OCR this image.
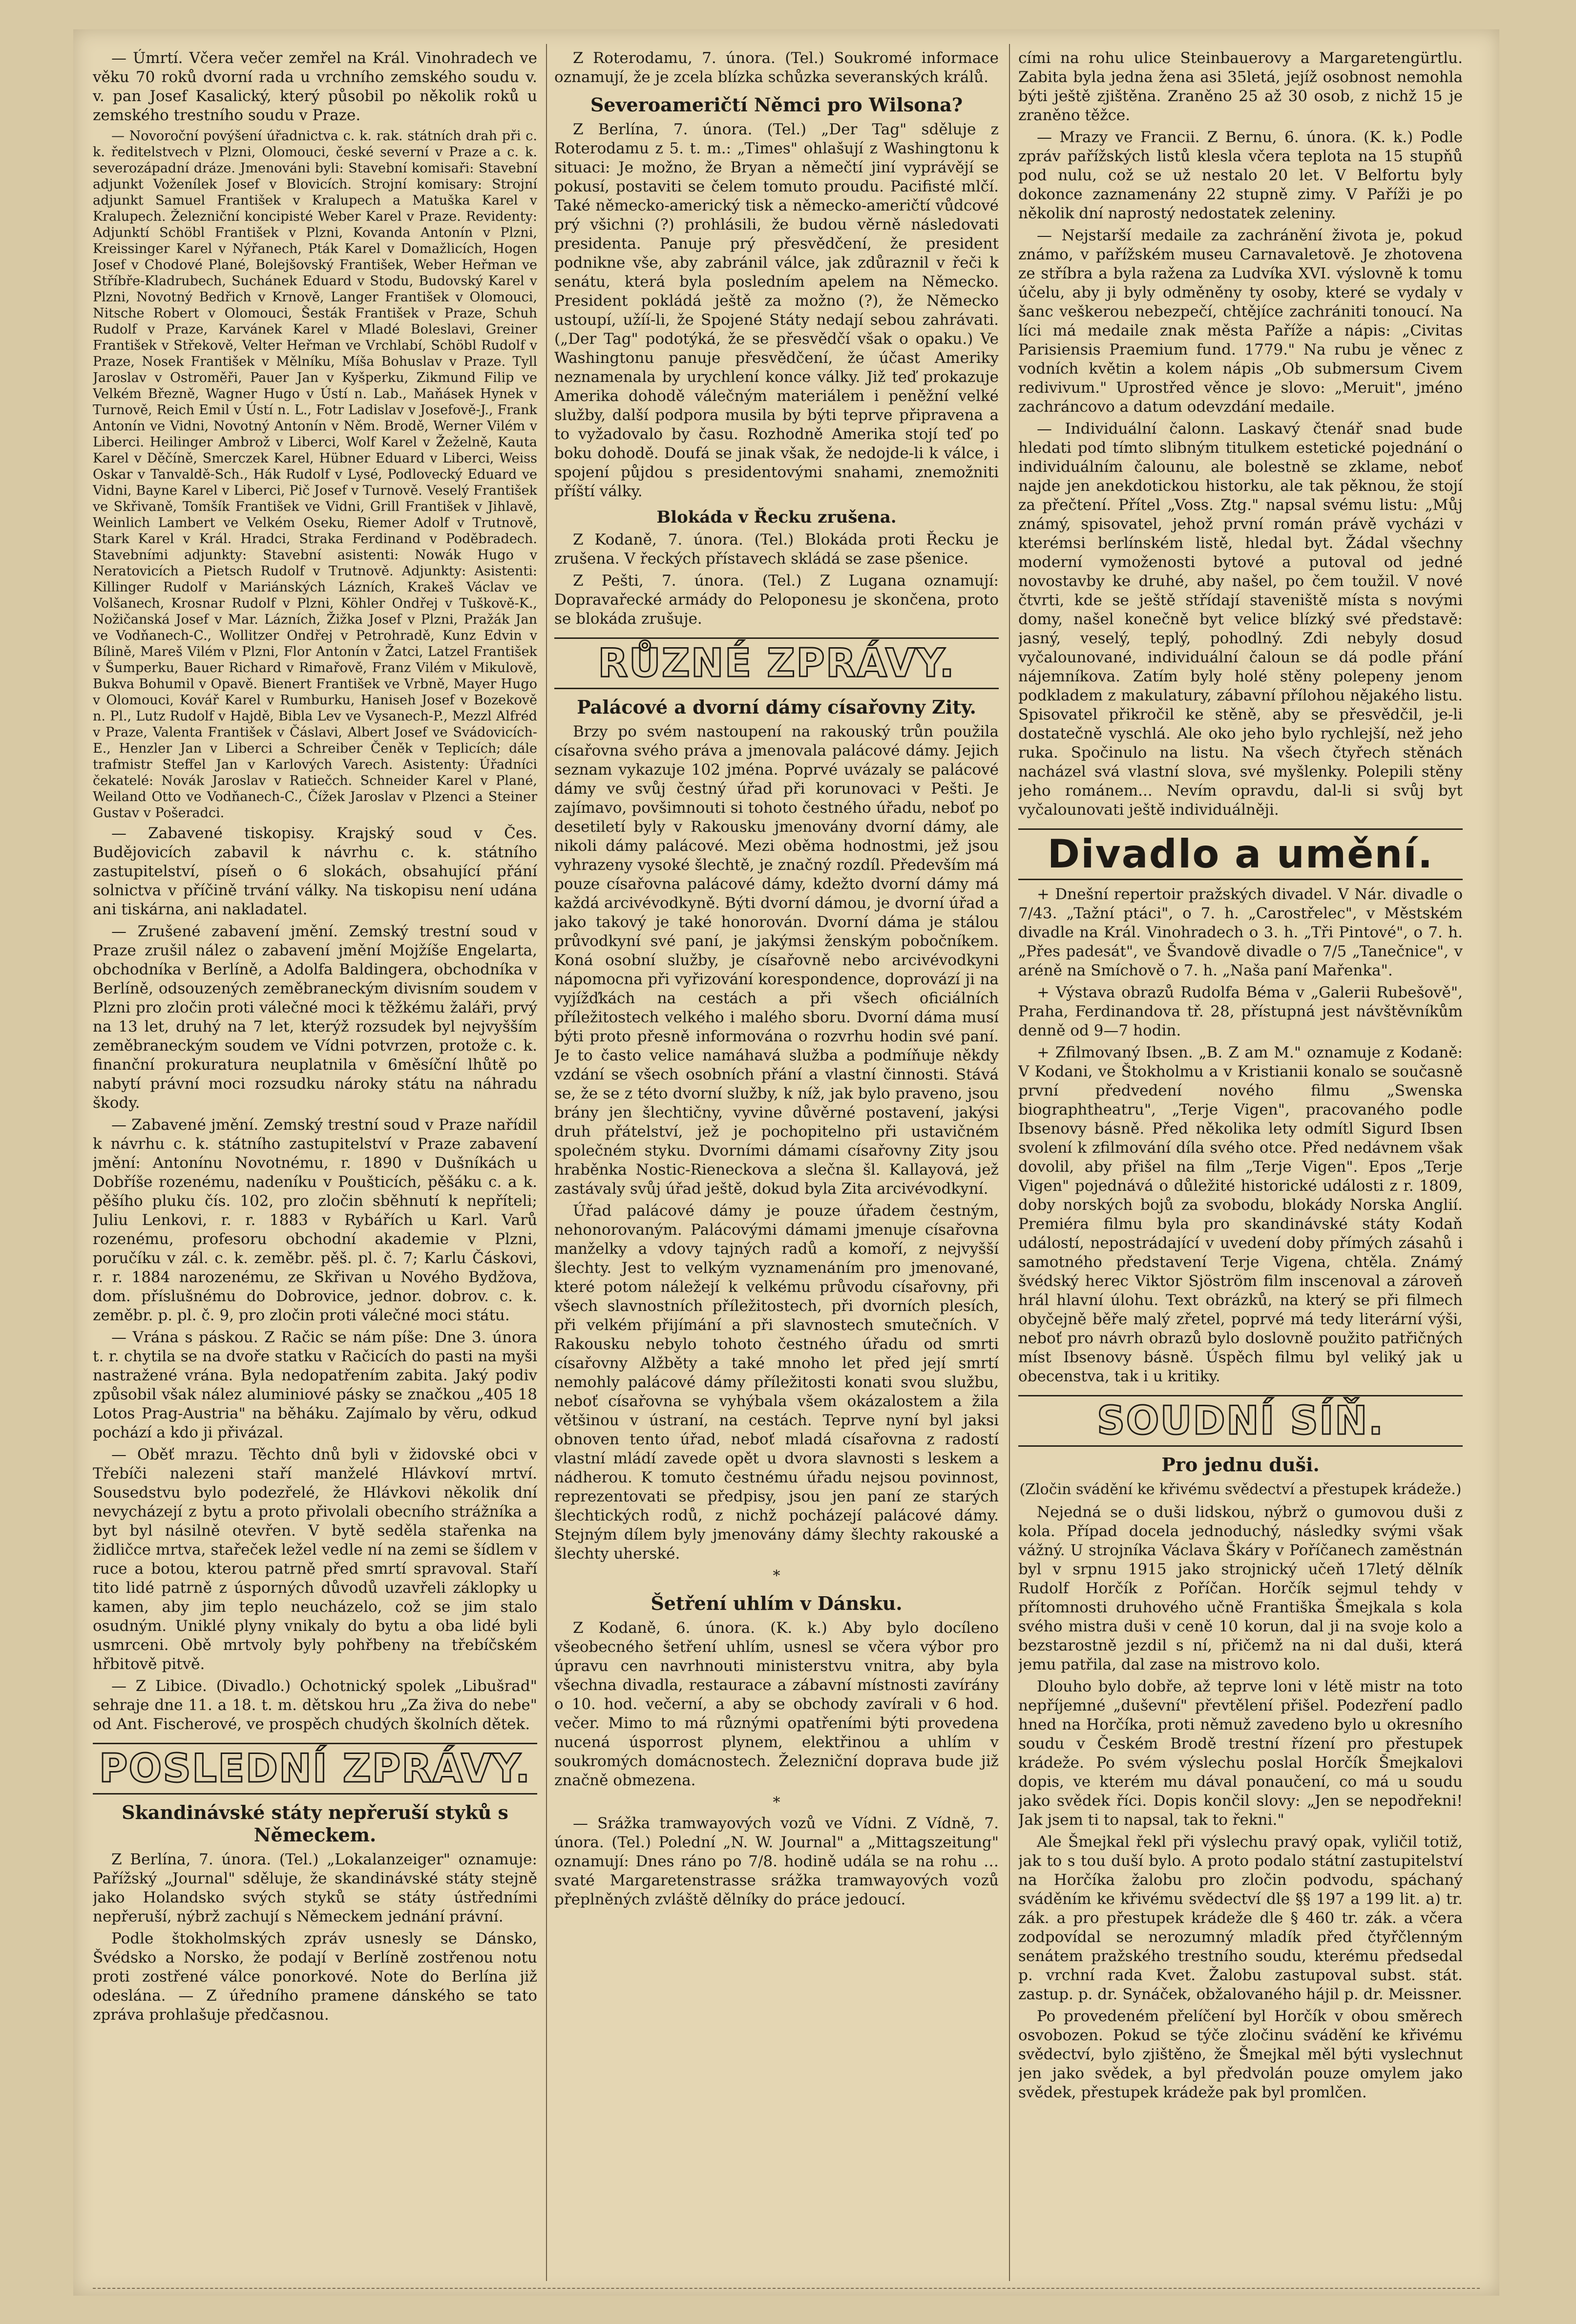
— Úmrtí. Včera večer zemřel na Král. Vinohradech ve věku 70 roků dvorní rada u vrchního zemského soudu v. v. pan Josef Kasalický, který působil po několik roků u zemského trestního soudu v Praze.

— Novoroční povýšení úřadnictva c. k. rak. státních drah při c. k. ředitelstvech v Plzni, Olomouci, české severní v Praze a c. k. severozápadní dráze. Jmenováni byli: Stavební komisaři: Stavební adjunkt Voženílek Josef v Blovicích. Strojní komisary: Strojní adjunkt Samuel František v Kralupech a Matuška Karel v Kralupech. Železniční koncipisté Weber Karel v Praze. Revidenty: Adjunktí Schöbl František v Plzni, Kovanda Antonín v Plzni, Kreissinger Karel v Nýřanech, Pták Karel v Domažlicích, Hogen Josef v Chodové Plané, Bolejšovský František, Weber Heřman ve Stříbře-Kladrubech, Suchánek Eduard v Stodu, Budovský Karel v Plzni, Novotný Bedřich v Krnově, Langer František v Olomouci, Nitsche Robert v Olomouci, Šesták František v Praze, Schuh Rudolf v Praze, Karvánek Karel v Mladé Boleslavi, Greiner František v Střekově, Velter Heřman ve Vrchlabí, Schöbl Rudolf v Praze, Nosek František v Mělníku, Míša Bohuslav v Praze. Tyll Jaroslav v Ostroměři, Pauer Jan v Kyšperku, Zikmund Filip ve Velkém Březně, Wagner Hugo v Ústí n. Lab., Maňásek Hynek v Turnově, Reich Emil v Ústí n. L., Fotr Ladislav v Josefově-J., Frank Antonín ve Vidni, Novotný Antonín v Něm. Brodě, Werner Vilém v Liberci. Heilinger Ambrož v Liberci, Wolf Karel v Žeželně, Kauta Karel v Děčíně, Smerczek Karel, Hübner Eduard v Liberci, Weiss Oskar v Tanvaldě-Sch., Hák Rudolf v Lysé, Podlovecký Eduard ve Vidni, Bayne Karel v Liberci, Pič Josef v Turnově. Veselý František ve Skřivaně, Tomšík František ve Vidni, Grill František v Jihlavě, Weinlich Lambert ve Velkém Oseku, Riemer Adolf v Trutnově, Stark Karel v Král. Hradci, Straka Ferdinand v Poděbradech. Stavebními adjunkty: Stavební asistenti: Nowák Hugo v Neratovicích a Pietsch Rudolf v Trutnově. Adjunkty: Asistenti: Killinger Rudolf v Mariánských Lázních, Krakeš Václav ve Volšanech, Krosnar Rudolf v Plzni, Köhler Ondřej v Tuškově-K., Nožičanská Josef v Mar. Lázních, Žižka Josef v Plzni, Pražák Jan ve Vodňanech-C., Wollitzer Ondřej v Petrohradě, Kunz Edvin v Bílině, Mareš Vilém v Plzni, Flor Antonín v Žatci, Latzel František v Šumperku, Bauer Richard v Rimařově, Franz Vilém v Mikulově, Bukva Bohumil v Opavě. Bienert František ve Vrbně, Mayer Hugo v Olomouci, Kovář Karel v Rumburku, Haniseh Josef v Bozekově n. Pl., Lutz Rudolf v Hajdě, Bibla Lev ve Vysanech-P., Mezzl Alfréd v Praze, Valenta František v Čáslavi, Albert Josef ve Svádovicích-E., Henzler Jan v Liberci a Schreiber Čeněk v Teplicích; dále trafmistr Steffel Jan v Karlových Varech. Asistenty: Úřadníci čekatelé: Novák Jaroslav v Ratiečch. Schneider Karel v Plané, Weiland Otto ve Vodňanech-C., Čížek Jaroslav v Plzenci a Steiner Gustav v Pošeradci.

— Zabavené tiskopisy. Krajský soud v Čes. Budějovicích zabavil k návrhu c. k. státního zastupitelství, píseň o 6 slokách, obsahující přání solnictva v příčině trvání války. Na tiskopisu není udána ani tiskárna, ani nakladatel.

— Zrušené zabavení jmění. Zemský trestní soud v Praze zrušil nález o zabavení jmění Mojžíše Engelarta, obchodníka v Berlíně, a Adolfa Baldingera, obchodníka v Berlíně, odsouzených zeměbraneckým divisním soudem v Plzni pro zločin proti válečné moci k těžkému žaláři, prvý na 13 let, druhý na 7 let, kterýž rozsudek byl nejvyšším zeměbraneckým soudem ve Vídni potvrzen, protože c. k. finanční prokuratura neuplatnila v 6měsíční lhůtě po nabytí právní moci rozsudku nároky státu na náhradu škody.

— Zabavené jmění. Zemský trestní soud v Praze nařídil k návrhu c. k. státního zastupitelství v Praze zabavení jmění: Antonínu Novotnému, r. 1890 v Dušníkách u Dobříše rozenému, nadeníku v Poušticích, pěšáku c. a k. pěšího pluku čís. 102, pro zločin sběhnutí k nepříteli; Juliu Lenkovi, r. r. 1883 v Rybářích u Karl. Varů rozenému, profesoru obchodní akademie v Plzni, poručíku v zál. c. k. zeměbr. pěš. pl. č. 7; Karlu Čáskovi, r. r. 1884 narozenému, ze Skřivan u Nového Bydžova, dom. příslušnému do Dobrovice, jednor. dobrov. c. k. zeměbr. p. pl. č. 9, pro zločin proti válečné moci státu.

— Vrána s páskou. Z Račic se nám píše: Dne 3. února t. r. chytila se na dvoře statku v Račicích do pasti na myši nastražené vrána. Byla nedopatřením zabita. Jaký podiv způsobil však nález aluminiové pásky se značkou „405 18 Lotos Prag-Austria" na běháku. Zajímalo by věru, odkud pochází a kdo ji přivázal.

— Oběť mrazu. Těchto dnů byli v židovské obci v Třebíči nalezeni staří manželé Hlávkoví mrtví. Sousedstvu bylo podezřelé, že Hlávkovi několik dní nevycházejí z bytu a proto přivolali obecního strážníka a byt byl násilně otevřen. V bytě seděla stařenka na židličce mrtva, stařeček ležel vedle ní na zemi se šídlem v ruce a botou, kterou patrně před smrtí spravoval. Staří tito lidé patrně z úsporných důvodů uzavřeli záklopky u kamen, aby jim teplo neucházelo, což se jim stalo osudným. Uniklé plyny vnikaly do bytu a oba lidé byli usmrceni. Obě mrtvoly byly pohřbeny na třebíčském hřbitově pitvě.

— Z Libice. (Divadlo.) Ochotnický spolek „Libušrad" sehraje dne 11. a 18. t. m. dětskou hru „Za živa do nebe" od Ant. Fischerové, ve prospěch chudých školních dětek.

POSLEDNÍ ZPRÁVY.
Skandinávské státy nepřeruší styků s Německem.

Z Berlína, 7. února. (Tel.) „Lokalanzeiger" oznamuje: Pařížský „Journal" sděluje, že skandinávské státy stejně jako Holandsko svých styků se státy ústředními nepřeruší, nýbrž zachují s Německem jednání právní.

Podle štokholmských zpráv usnesly se Dánsko, Švédsko a Norsko, že podají v Berlíně zostřenou notu proti zostřené válce ponorkové. Note do Berlína již odeslána. — Z úředního pramene dánského se tato zpráva prohlašuje předčasnou.

Z Roterodamu, 7. února. (Tel.) Soukromé informace oznamují, že je zcela blízka schůzka severanských králů.

Severoameričtí Němci pro Wilsona?

Z Berlína, 7. února. (Tel.) „Der Tag" sděluje z Roterodamu z 5. t. m.: „Times" ohlašují z Washingtonu k situaci: Je možno, že Bryan a němečtí jiní vyprávějí se pokusí, postaviti se čelem tomuto proudu. Pacifisté mlčí. Také německo-americký tisk a německo-američtí vůdcové prý všichni (?) prohlásili, že budou věrně následovati presidenta. Panuje prý přesvědčení, že president podnikne vše, aby zabránil válce, jak zdůraznil v řeči k senátu, která byla posledním apelem na Německo. President pokládá ještě za možno (?), že Německo ustoupí, užíí-li, že Spojené Státy nedají sebou zahrávati. („Der Tag" podotýká, že se přesvědčí však o opaku.) Ve Washingtonu panuje přesvědčení, že účast Ameriky neznamenala by urychlení konce války. Již teď prokazuje Amerika dohodě válečným materiálem i peněžní velké služby, další podpora musila by býti teprve připravena a to vyžadovalo by času. Rozhodně Amerika stojí teď po boku dohodě. Doufá se jinak však, že nedojde-li k válce, i spojení půjdou s presidentovými snahami, znemožniti příští války.

Blokáda v Řecku zrušena.

Z Kodaně, 7. února. (Tel.) Blokáda proti Řecku je zrušena. V řeckých přístavech skládá se zase pšenice.

Z Pešti, 7. února. (Tel.) Z Lugana oznamují: Dopravařecké armády do Peloponesu je skončena, proto se blokáda zrušuje.

RŮZNÉ ZPRÁVY.
Palácové a dvorní dámy císařovny Zity.

Brzy po svém nastoupení na rakouský trůn použila císařovna svého práva a jmenovala palácové dámy. Jejich seznam vykazuje 102 jména. Poprvé uvázaly se palácové dámy ve svůj čestný úřad při korunovaci v Pešti. Je zajímavo, povšimnouti si tohoto čestného úřadu, neboť po desetiletí byly v Rakousku jmenovány dvorní dámy, ale nikoli dámy palácové. Mezi oběma hodnostmi, jež jsou vyhrazeny vysoké šlechtě, je značný rozdíl. Především má pouze císařovna palácové dámy, kdežto dvorní dámy má každá arcivévodkyně. Býti dvorní dámou, je dvorní úřad a jako takový je také honorován. Dvorní dáma je stálou průvodkyní své paní, je jakýmsi ženským pobočníkem. Koná osobní služby, je císařovně nebo arcivévodkyni nápomocna při vyřizování korespondence, doprovází ji na vyjížďkách na cestách a při všech oficiálních příležitostech velkého i malého sboru. Dvorní dáma musí býti proto přesně informována o rozvrhu hodin své paní. Je to často velice namáhavá služba a podmíňuje někdy vzdání se všech osobních přání a vlastní činnosti. Stává se, že se z této dvorní služby, k níž, jak bylo praveno, jsou brány jen šlechtičny, vyvine důvěrné postavení, jakýsi druh přátelství, jež je pochopitelno při ustavičném společném styku. Dvorními dámami císařovny Zity jsou hraběnka Nostic-Rieneckova a slečna šl. Kallayová, jež zastávaly svůj úřad ještě, dokud byla Zita arcivévodkyní.

Úřad palácové dámy je pouze úřadem čestným, nehonorovaným. Palácovými dámami jmenuje císařovna manželky a vdovy tajných radů a komoří, z nejvyšší šlechty. Jest to velkým vyznamenáním pro jmenované, které potom náležejí k velkému průvodu císařovny, při všech slavnostních příležitostech, při dvorních plesích, při velkém přijímání a při slavnostech smutečních. V Rakousku nebylo tohoto čestného úřadu od smrti císařovny Alžběty a také mnoho let před její smrtí nemohly palácové dámy příležitosti konati svou službu, neboť císařovna se vyhýbala všem okázalostem a žila většinou v ústraní, na cestách. Teprve nyní byl jaksi obnoven tento úřad, neboť mladá císařovna z radostí vlastní mládí zavede opět u dvora slavnosti s leskem a nádherou. K tomuto čestnému úřadu nejsou povinnost, reprezentovati se předpisy, jsou jen paní ze starých šlechtických rodů, z nichž pocházejí palácové dámy. Stejným dílem byly jmenovány dámy šlechty rakouské a šlechty uherské.

*
Šetření uhlím v Dánsku.

Z Kodaně, 6. února. (K. k.) Aby bylo docíleno všeobecného šetření uhlím, usnesl se včera výbor pro úpravu cen navrhnouti ministerstvu vnitra, aby byla všechna divadla, restaurace a zábavní místnosti zavírány o 10. hod. večerní, a aby se obchody zavírali v 6 hod. večer. Mimo to má různými opatřeními býti provedena nucená úsporrost plynem, elektřinou a uhlím v soukromých domácnostech. Železniční doprava bude již značně obmezena.

*

— Srážka tramwayových vozů ve Vídni. Z Vídně, 7. února. (Tel.) Polední „N. W. Journal" a „Mittagszeitung" oznamují: Dnes ráno po 7/8. hodině udála se na rohu … svaté Margaretenstrasse srážka tramwayových vozů přeplněných zvláště dělníky do práce jedoucí.

cími na rohu ulice Steinbauerovy a Margaretengürtlu. Zabita byla jedna žena asi 35letá, jejíž osobnost nemohla býti ještě zjištěna. Zraněno 25 až 30 osob, z nichž 15 je zraněno těžce.

— Mrazy ve Francii. Z Bernu, 6. února. (K. k.) Podle zpráv pařížských listů klesla včera teplota na 15 stupňů pod nulu, což se už nestalo 20 let. V Belfortu byly dokonce zaznamenány 22 stupně zimy. V Paříži je po několik dní naprostý nedostatek zeleniny.

— Nejstarší medaile za zachránění života je, pokud známo, v pařížském museu Carnavaletově. Je zhotovena ze stříbra a byla ražena za Ludvíka XVI. výslovně k tomu účelu, aby ji byly odměněny ty osoby, které se vydaly v šanc veškerou nebezpečí, chtějíce zachrániti tonoucí. Na líci má medaile znak města Paříže a nápis: „Civitas Parisiensis Praemium fund. 1779." Na rubu je věnec z vodních květin a kolem nápis „Ob submersum Civem redivivum." Uprostřed věnce je slovo: „Meruit", jméno zachráncovo a datum odevzdání medaile.

— Individuální čalonn. Laskavý čtenář snad bude hledati pod tímto slibným titulkem estetické pojednání o individuálním čalounu, ale bolestně se zklame, neboť najde jen anekdotickou historku, ale tak pěknou, že stojí za přečtení. Přítel „Voss. Ztg." napsal svému listu: „Můj známý, spisovatel, jehož první román právě vycházi v kterémsi berlínském listě, hledal byt. Žádal všechny moderní vymoženosti bytové a putoval od jedné novostavby ke druhé, aby našel, po čem toužil. V nové čtvrti, kde se ještě střídají staveniště místa s novými domy, našel konečně byt velice blízký své představě: jasný, veselý, teplý, pohodlný. Zdi nebyly dosud vyčalounované, individuální čaloun se dá podle přání nájemníkova. Zatím byly holé stěny polepeny jenom podkladem z makulatury, zábavní přílohou nějakého listu. Spisovatel přikročil ke stěně, aby se přesvědčil, je-li dostatečně vyschlá. Ale oko jeho bylo rychlejší, než jeho ruka. Spočinulo na listu. Na všech čtyřech stěnách nacházel svá vlastní slova, své myšlenky. Polepili stěny jeho románem... Nevím opravdu, dal-li si svůj byt vyčalounovati ještě individuálněji.

Divadlo a umění.

+ Dnešní repertoir pražských divadel. V Nár. divadle o 7/43. „Tažní ptáci", o 7. h. „Carostřelec", v Městském divadle na Král. Vinohradech o 3. h. „Tři Pintové", o 7. h. „Přes padesát", ve Švandově divadle o 7/5 „Tanečnice", v aréně na Smíchově o 7. h. „Naša paní Mařenka".

+ Výstava obrazů Rudolfa Béma v „Galerii Rubešově", Praha, Ferdinandova tř. 28, přístupná jest návštěvníkům denně od 9—7 hodin.

+ Zfilmovaný Ibsen. „B. Z am M." oznamuje z Kodaně: V Kodani, ve Štokholmu a v Kristianii konalo se současně první předvedení nového filmu „Swenska biographtheatru", „Terje Vigen", pracovaného podle Ibsenovy básně. Před několika lety odmítl Sigurd Ibsen svolení k zfilmování díla svého otce. Před nedávnem však dovolil, aby přišel na film „Terje Vigen". Epos „Terje Vigen" pojednává o důležité historické události z r. 1809, doby norských bojů za svobodu, blokády Norska Anglií. Premiéra filmu byla pro skandinávské státy Kodaň událostí, nepostrádající v uvedení doby přímých zásahů i samotného představení Terje Vigena, chtěla. Známý švédský herec Viktor Sjöström film inscenoval a zároveň hrál hlavní úlohu. Text obrázků, na který se při filmech obyčejně běře malý zřetel, poprvé má tedy literární výši, neboť pro návrh obrazů bylo doslovně použito patřičných míst Ibsenovy básně. Úspěch filmu byl veliký jak u obecenstva, tak i u kritiky.

SOUDNÍ SÍŇ.
Pro jednu duši.
(Zločin svádění ke křivému svědectví a přestupek krádeže.)

Nejedná se o duši lidskou, nýbrž o gumovou duši z kola. Případ docela jednoduchý, následky svými však vážný. U strojníka Václava Škáry v Poříčanech zaměstnán byl v srpnu 1915 jako strojnický učeň 17letý dělník Rudolf Horčík z Poříčan. Horčík sejmul tehdy v přítomnosti druhového učně Františka Šmejkala s kola svého mistra duši v ceně 10 korun, dal ji na svoje kolo a bezstarostně jezdil s ní, přičemž na ni dal duši, která jemu patřila, dal zase na mistrovo kolo.

Dlouho bylo dobře, až teprve loni v létě mistr na toto nepříjemné „duševní" převtělení přišel. Podezření padlo hned na Horčíka, proti němuž zavedeno bylo u okresního soudu v Českém Brodě trestní řízení pro přestupek krádeže. Po svém výslechu poslal Horčík Šmejkalovi dopis, ve kterém mu dával ponaučení, co má u soudu jako svědek říci. Dopis končil slovy: „Jen se nepodřekni! Jak jsem ti to napsal, tak to řekni."

Ale Šmejkal řekl při výslechu pravý opak, vyličil totiž, jak to s tou duší bylo. A proto podalo státní zastupitelství na Horčíka žalobu pro zločin podvodu, spáchaný sváděním ke křivému svědectví dle §§ 197 a 199 lit. a) tr. zák. a pro přestupek krádeže dle § 460 tr. zák. a včera zodpovídal se nerozumný mladík před čtyřčlenným senátem pražského trestního soudu, kterému předsedal p. vrchní rada Kvet. Žalobu zastupoval subst. stát. zastup. p. dr. Synáček, obžalovaného hájil p. dr. Meissner.

Po provedeném přelíčení byl Horčík v obou směrech osvobozen. Pokud se týče zločinu svádění ke křivému svědectví, bylo zjištěno, že Šmejkal měl býti vyslechnut jen jako svědek, a byl předvolán pouze omylem jako svědek, přestupek krádeže pak byl promlčen.
